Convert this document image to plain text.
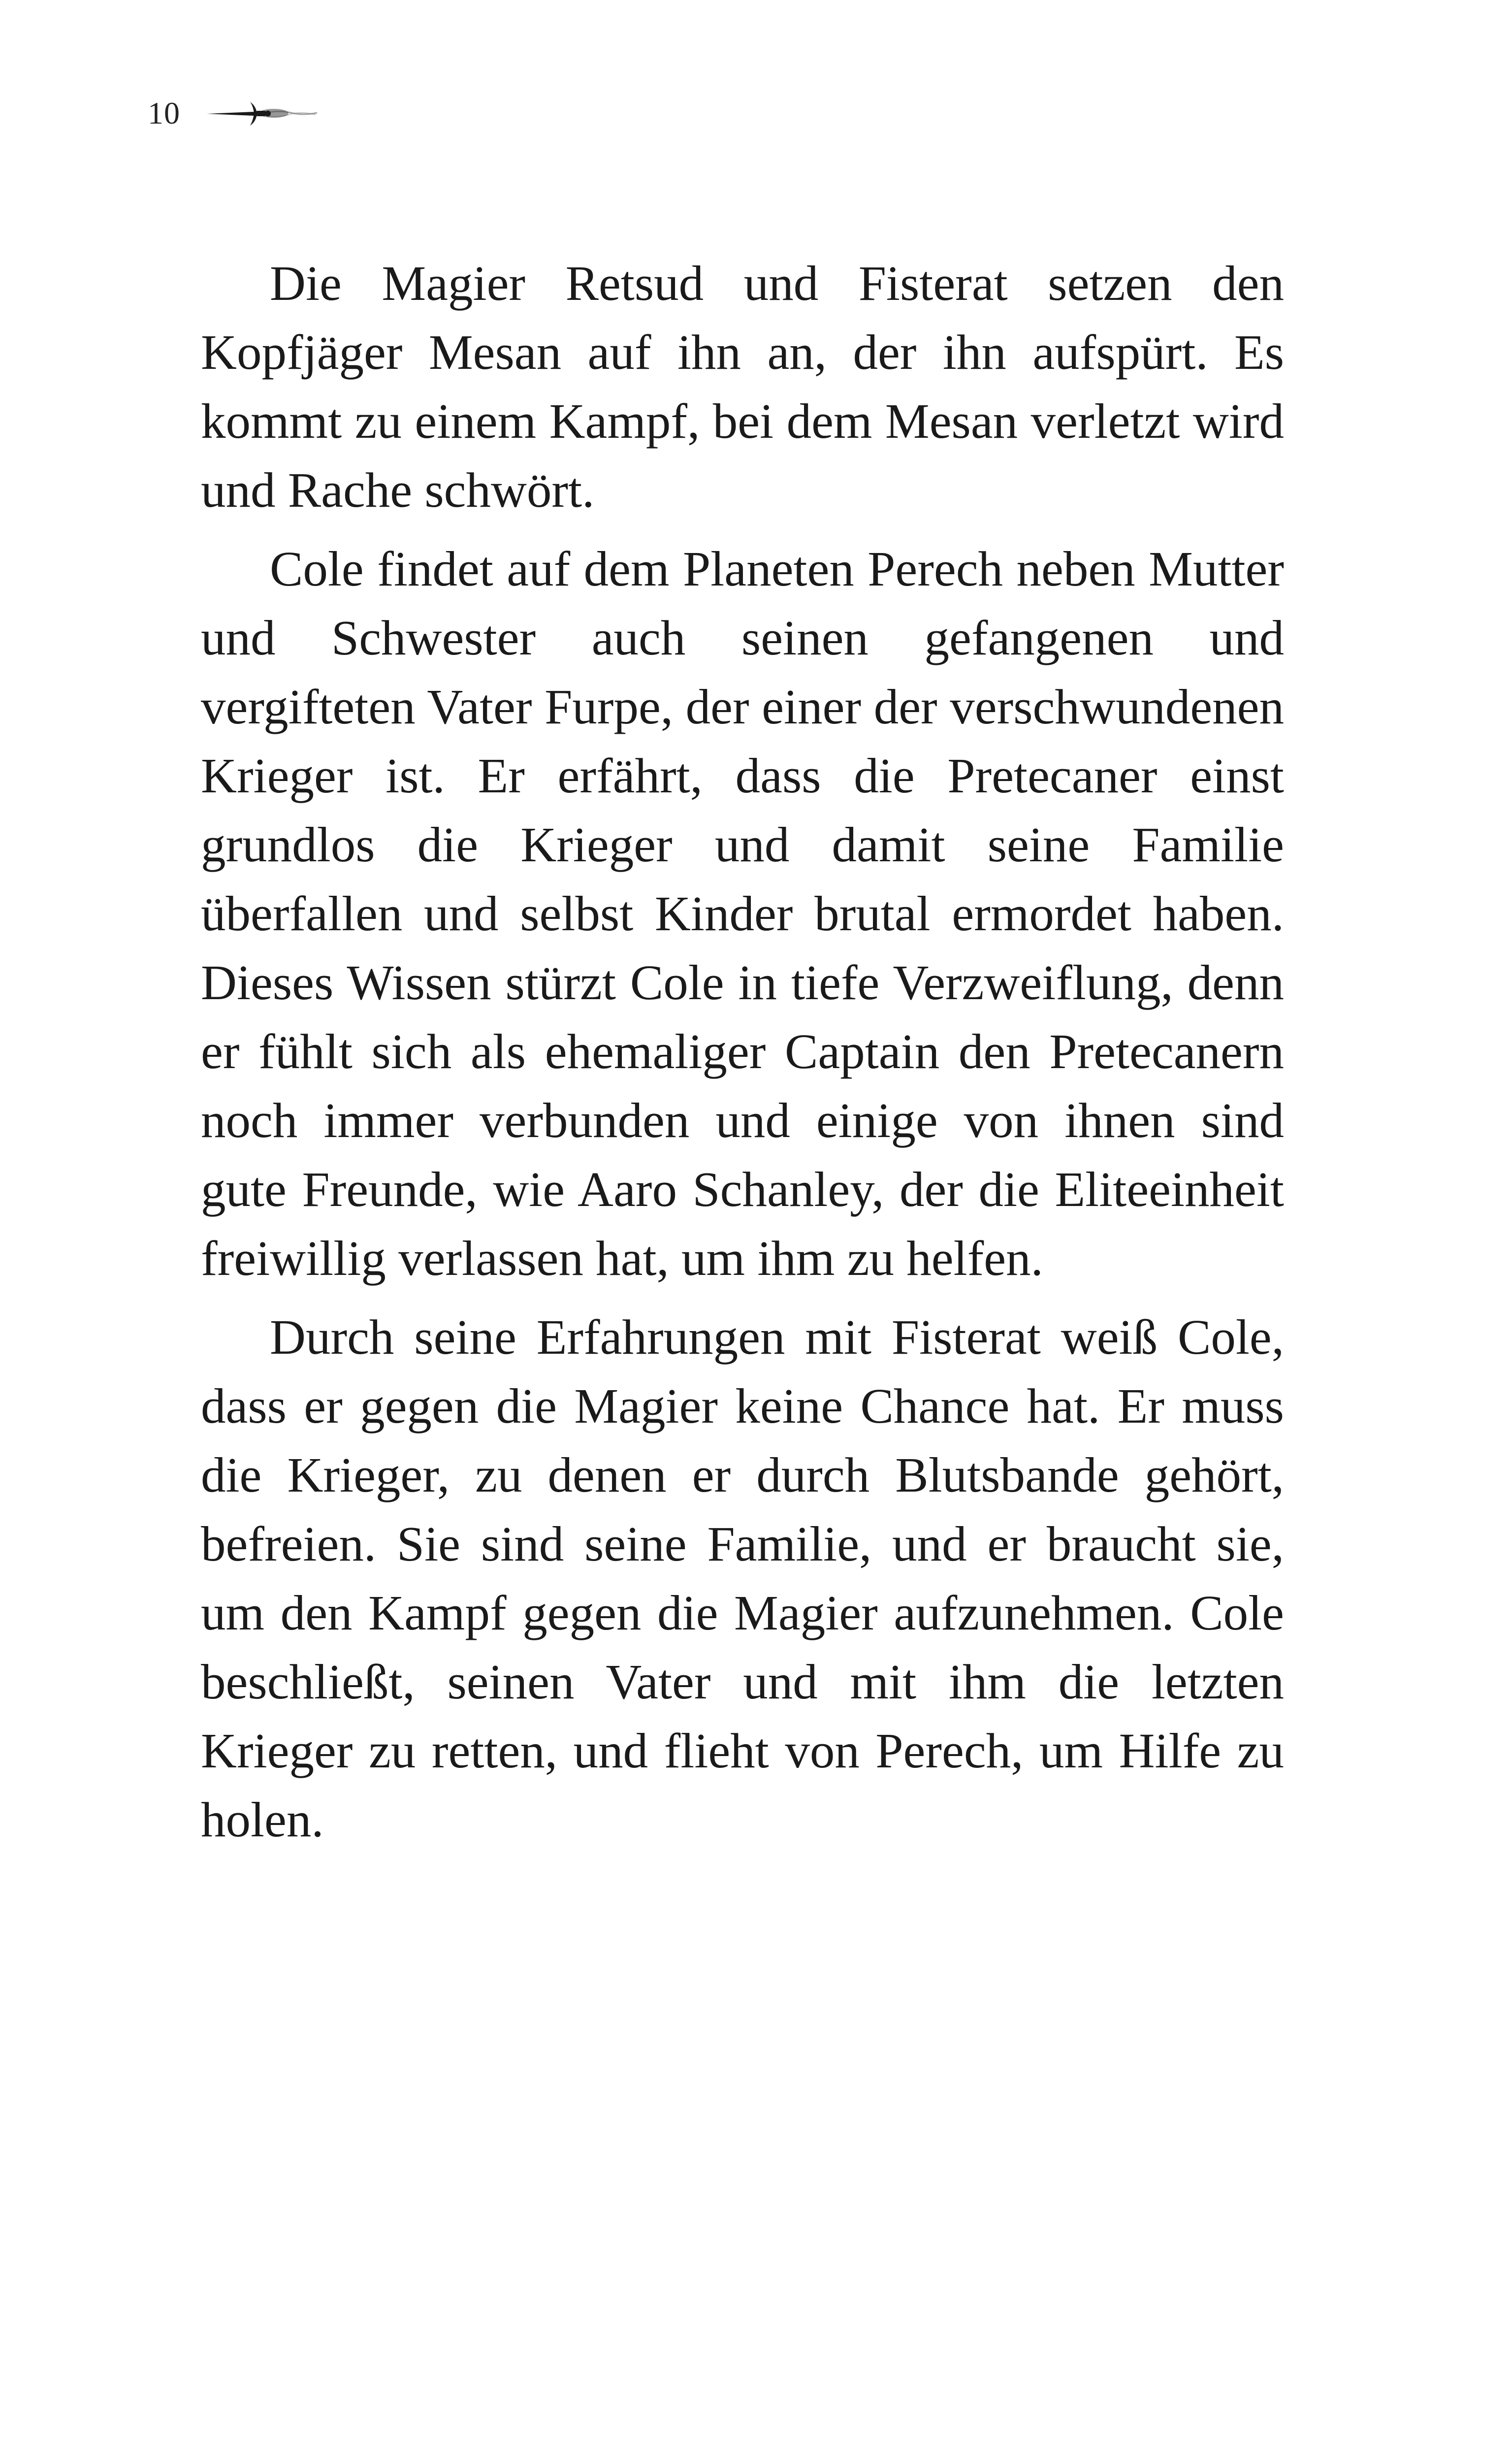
10

Die Magier Retsud und Fisterat setzen den Kopfjäger Mesan auf ihn an, der ihn aufspürt. Es kommt zu einem Kampf, bei dem Mesan verletzt wird und Rache schwört.

Cole findet auf dem Planeten Perech neben Mutter und Schwester auch seinen gefangenen und vergifteten Vater Furpe, der einer der verschwundenen Krieger ist. Er erfährt, dass die Pretecaner einst grundlos die Krieger und damit seine Familie überfallen und selbst Kinder brutal ermordet haben. Dieses Wissen stürzt Cole in tiefe Verzweiflung, denn er fühlt sich als ehemaliger Captain den Pretecanern noch immer verbunden und einige von ihnen sind gute Freunde, wie Aaro Schanley, der die Eliteeinheit freiwillig verlassen hat, um ihm zu helfen.

Durch seine Erfahrungen mit Fisterat weiß Cole, dass er gegen die Magier keine Chance hat. Er muss die Krieger, zu denen er durch Blutsbande gehört, befreien. Sie sind seine Familie, und er braucht sie, um den Kampf gegen die Magier aufzunehmen. Cole beschließt, seinen Vater und mit ihm die letzten Krieger zu retten, und flieht von Perech, um Hilfe zu holen.
